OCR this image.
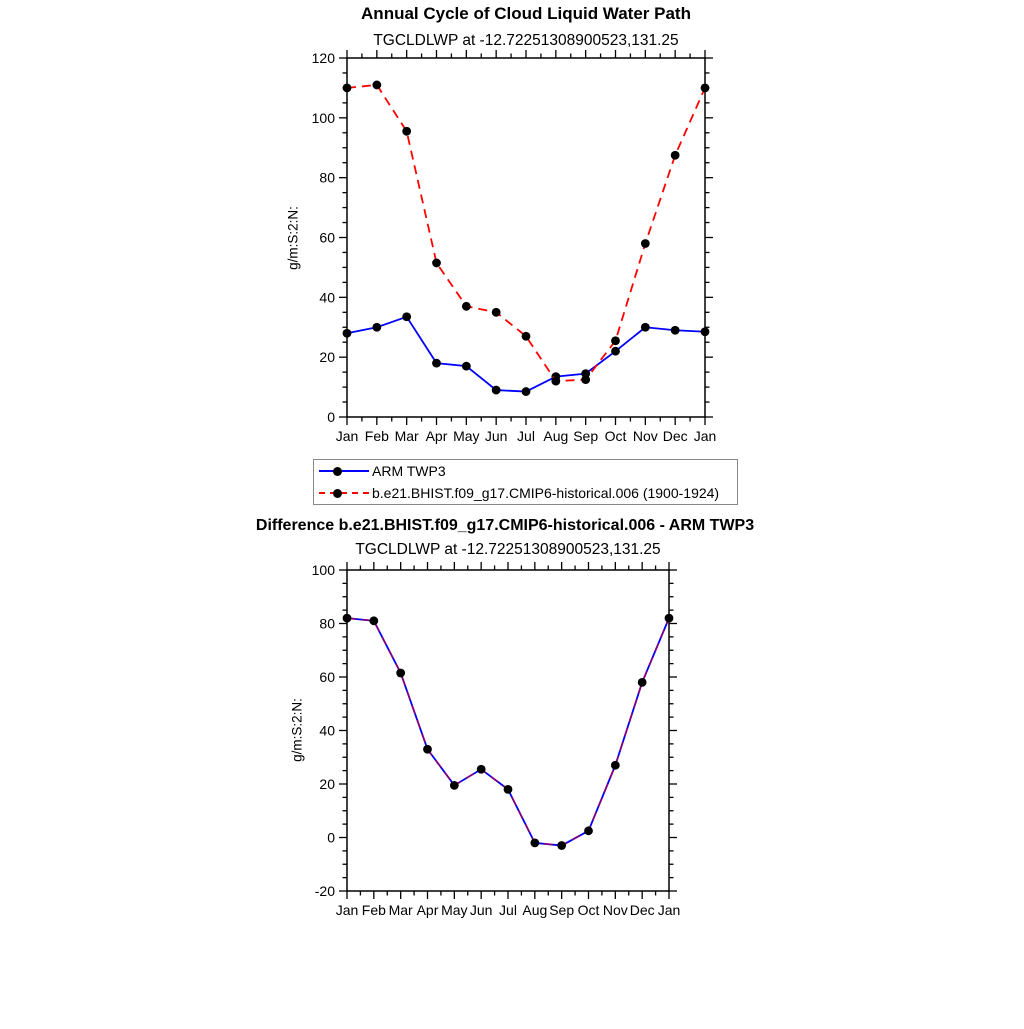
0
20
40
60
80
100
120
Jan Feb Mar Apr May Jun Jul Aug Sep Oct Nov Dec Jan
-20
0
20
40
60
80
100
Jan Feb Mar Apr May Jun Jul Aug Sep Oct Nov Dec Jan
Annual Cycle of Cloud Liquid Water Path
TGCLDLWP at -12.72251308900523,131.25
g/m:S:2:N:
ARM TWP3
b.e21.BHIST.f09_g17.CMIP6-historical.006 (1900-1924)
Difference b.e21.BHIST.f09_g17.CMIP6-historical.006 - ARM TWP3
TGCLDLWP at -12.72251308900523,131.25
g/m:S:2:N:
